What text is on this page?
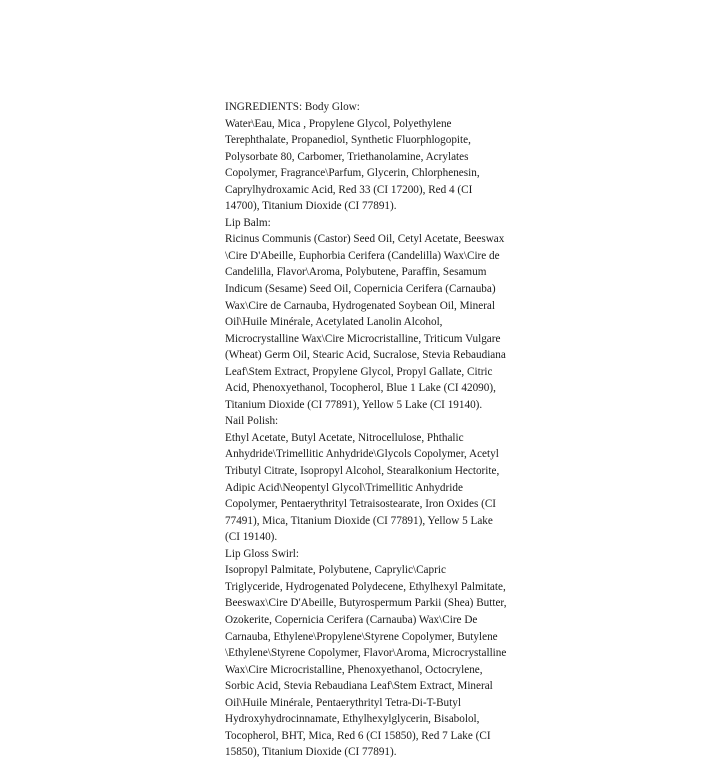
INGREDIENTS: Body Glow:
Water\Eau, Mica , Propylene Glycol, Polyethylene
Terephthalate, Propanediol, Synthetic Fluorphlogopite,
Polysorbate 80, Carbomer, Triethanolamine, Acrylates
Copolymer, Fragrance\Parfum, Glycerin, Chlorphenesin,
Caprylhydroxamic Acid, Red 33 (CI 17200), Red 4 (CI
14700), Titanium Dioxide (CI 77891).
Lip Balm:
Ricinus Communis (Castor) Seed Oil, Cetyl Acetate, Beeswax
\Cire D'Abeille, Euphorbia Cerifera (Candelilla) Wax\Cire de
Candelilla, Flavor\Aroma, Polybutene, Paraffin, Sesamum
Indicum (Sesame) Seed Oil, Copernicia Cerifera (Carnauba)
Wax\Cire de Carnauba, Hydrogenated Soybean Oil, Mineral
Oil\Huile Minérale, Acetylated Lanolin Alcohol,
Microcrystalline Wax\Cire Microcristalline, Triticum Vulgare
(Wheat) Germ Oil, Stearic Acid, Sucralose, Stevia Rebaudiana
Leaf\Stem Extract, Propylene Glycol, Propyl Gallate, Citric
Acid, Phenoxyethanol, Tocopherol, Blue 1 Lake (CI 42090),
Titanium Dioxide (CI 77891), Yellow 5 Lake (CI 19140).
Nail Polish:
Ethyl Acetate, Butyl Acetate, Nitrocellulose, Phthalic
Anhydride\Trimellitic Anhydride\Glycols Copolymer, Acetyl
Tributyl Citrate, Isopropyl Alcohol, Stearalkonium Hectorite,
Adipic Acid\Neopentyl Glycol\Trimellitic Anhydride
Copolymer, Pentaerythrityl Tetraisostearate, Iron Oxides (CI
77491), Mica, Titanium Dioxide (CI 77891), Yellow 5 Lake
(CI 19140).
Lip Gloss Swirl:
Isopropyl Palmitate, Polybutene, Caprylic\Capric
Triglyceride, Hydrogenated Polydecene, Ethylhexyl Palmitate,
Beeswax\Cire D'Abeille, Butyrospermum Parkii (Shea) Butter,
Ozokerite, Copernicia Cerifera (Carnauba) Wax\Cire De
Carnauba, Ethylene\Propylene\Styrene Copolymer, Butylene
\Ethylene\Styrene Copolymer, Flavor\Aroma, Microcrystalline
Wax\Cire Microcristalline, Phenoxyethanol, Octocrylene,
Sorbic Acid, Stevia Rebaudiana Leaf\Stem Extract, Mineral
Oil\Huile Minérale, Pentaerythrityl Tetra-Di-T-Butyl
Hydroxyhydrocinnamate, Ethylhexylglycerin, Bisabolol,
Tocopherol, BHT, Mica, Red 6 (CI 15850), Red 7 Lake (CI
15850), Titanium Dioxide (CI 77891).
